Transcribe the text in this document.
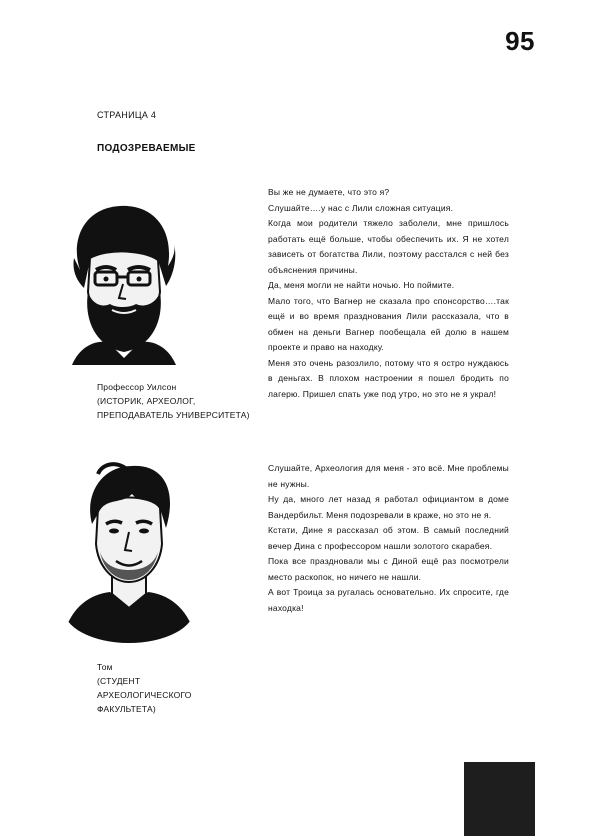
95
СТРАНИЦА 4
ПОДОЗРЕВАЕМЫЕ
Профессор Уилсон
(ИСТОРИК, АРХЕОЛОГ,
ПРЕПОДАВАТЕЛЬ УНИВЕРСИТЕТА)

Вы же не думаете, что это я?

Слушайте….у нас с Лили сложная ситуация.

Когда мои родители тяжело заболели, мне пришлось работать ещё больше, чтобы обеспечить их. Я не хотел зависеть от богатства Лили, поэтому расстался с ней без объяснения причины.

Да, меня могли не найти ночью. Но поймите.

Мало того, что Вагнер не сказала про спонсорство….так ещё и во время празднования Лили рассказала, что в обмен на деньги Вагнер пообещала ей долю в нашем проекте и право на находку.

Меня это очень разозлило, потому что я остро нуждаюсь в деньгах. В плохом настроении я пошел бродить по лагерю. Пришел спать уже под утро, но это не я украл!

Том
(СТУДЕНТ
АРХЕОЛОГИЧЕСКОГО
ФАКУЛЬТЕТА)

Слушайте, Археология для меня - это всё. Мне проблемы не нужны.

Ну да, много лет назад я работал официантом в доме Вандербильт. Меня подозревали в краже, но это не я.

Кстати, Дине я рассказал об этом. В самый последний вечер Дина с профессором нашли золотого скарабея.

Пока все праздновали мы с Диной ещё раз посмотрели место раскопок, но ничего не нашли.

А вот Троица за ругалась основательно. Их спросите, где находка!
